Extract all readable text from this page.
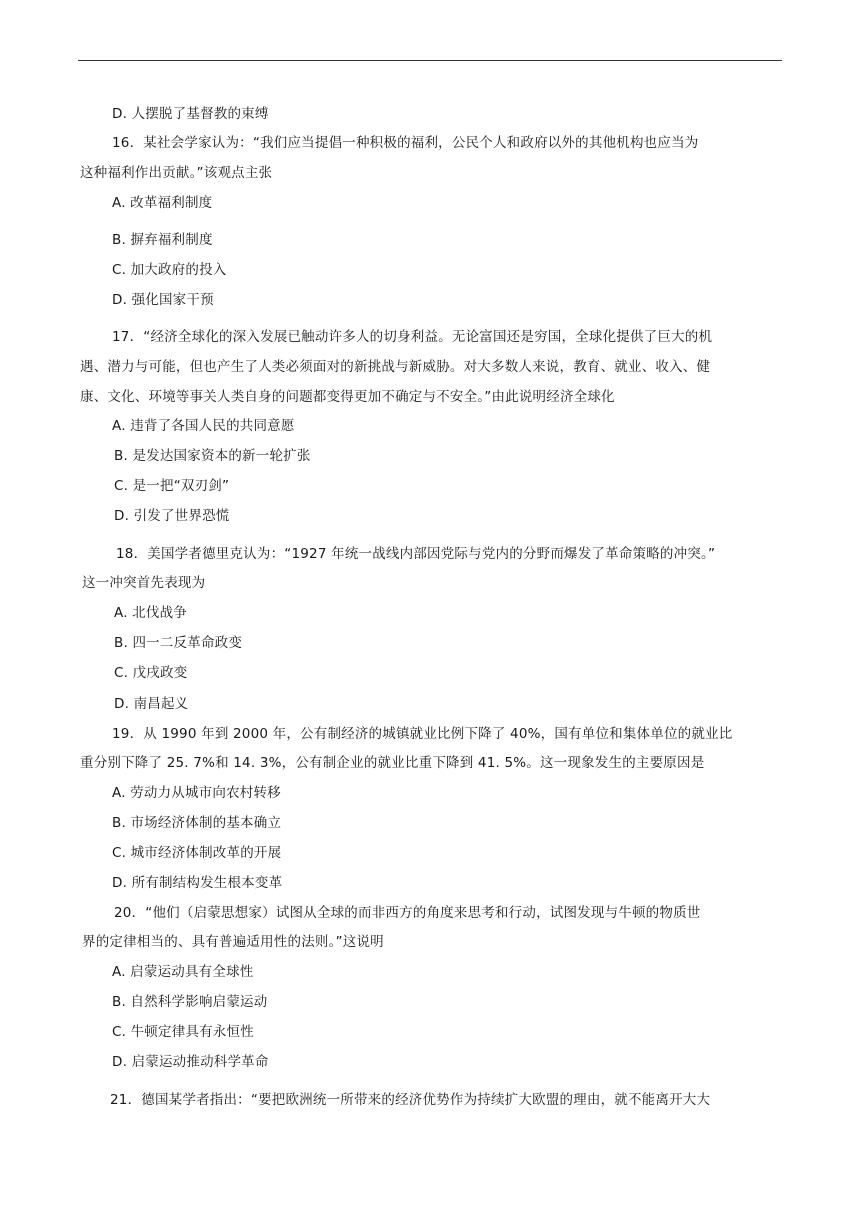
D. 人摆脱了基督教的束缚
16．某社会学家认为：“我们应当提倡一种积极的福利，公民个人和政府以外的其他机构也应当为
这种福利作出贡献。”该观点主张
A. 改革福利制度
B. 摒弃福利制度
C. 加大政府的投入
D. 强化国家干预
17．“经济全球化的深入发展已触动许多人的切身利益。无论富国还是穷国，全球化提供了巨大的机
遇、潜力与可能，但也产生了人类必须面对的新挑战与新威胁。对大多数人来说，教育、就业、收入、健
康、文化、环境等事关人类自身的问题都变得更加不确定与不安全。”由此说明经济全球化
A. 违背了各国人民的共同意愿
B. 是发达国家资本的新一轮扩张
C. 是一把“双刃剑”
D. 引发了世界恐慌
18．美国学者德里克认为：“1927 年统一战线内部因党际与党内的分野而爆发了革命策略的冲突。”
这一冲突首先表现为
A. 北伐战争
B. 四一二反革命政变
C. 戊戌政变
D. 南昌起义
19．从 1990 年到 2000 年，公有制经济的城镇就业比例下降了 40%，国有单位和集体单位的就业比
重分别下降了 25. 7%和 14. 3%，公有制企业的就业比重下降到 41. 5%。这一现象发生的主要原因是
A. 劳动力从城市向农村转移
B. 市场经济体制的基本确立
C. 城市经济体制改革的开展
D. 所有制结构发生根本变革
20．“他们（启蒙思想家）试图从全球的而非西方的角度来思考和行动，试图发现与牛顿的物质世
界的定律相当的、具有普遍适用性的法则。”这说明
A. 启蒙运动具有全球性
B. 自然科学影响启蒙运动
C. 牛顿定律具有永恒性
D. 启蒙运动推动科学革命
21．德国某学者指出：“要把欧洲统一所带来的经济优势作为持续扩大欧盟的理由，就不能离开大大
